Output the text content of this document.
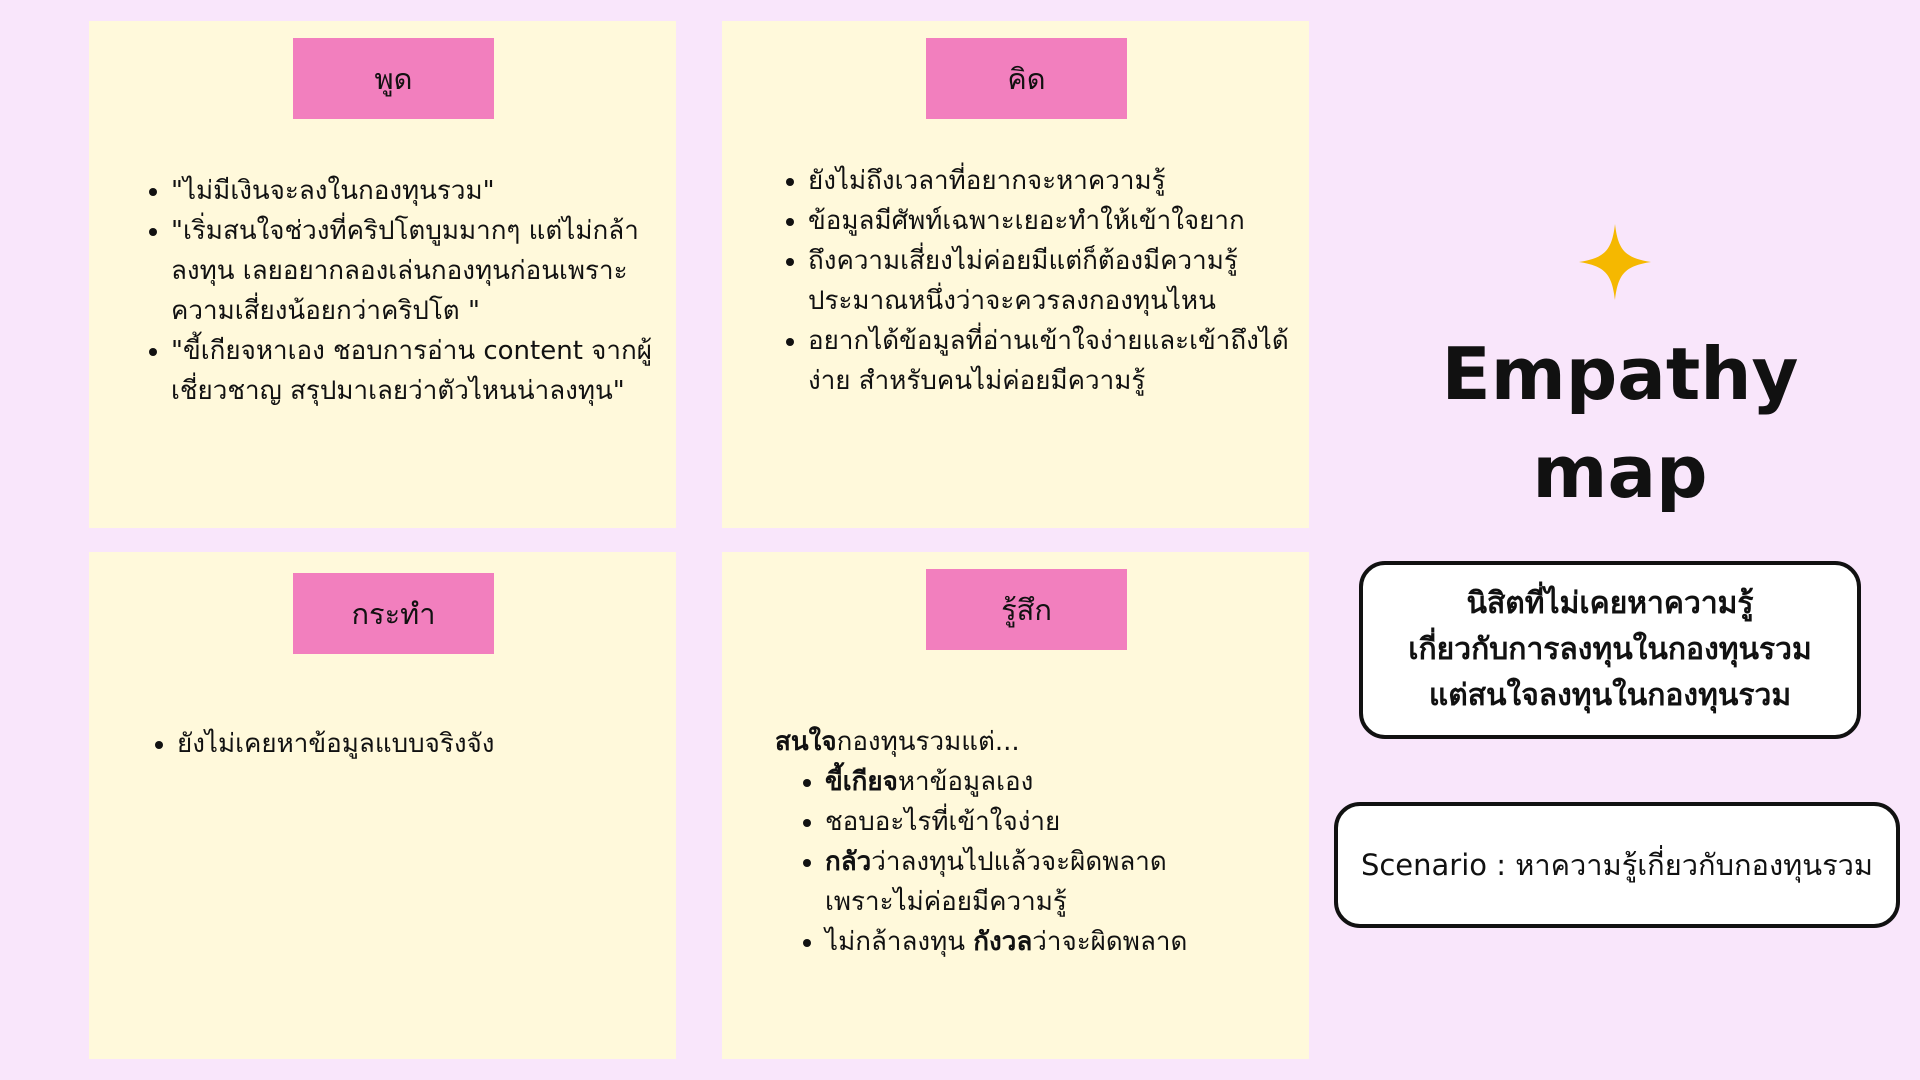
พูด
• "ไม่มีเงินจะลงในกองทุนรวม"
• "เริ่มสนใจช่วงที่คริปโตบูมมากๆ แต่ไม่กล้าลงทุน เลยอยากลองเล่นกองทุนก่อนเพราะความเสี่ยงน้อยกว่าคริปโต "
• "ขี้เกียจหาเอง ชอบการอ่าน content จากผู้เชี่ยวชาญ สรุปมาเลยว่าตัวไหนน่าลงทุน"
คิด
• ยังไม่ถึงเวลาที่อยากจะหาความรู้
• ข้อมูลมีศัพท์เฉพาะเยอะทำให้เข้าใจยาก
• ถึงความเสี่ยงไม่ค่อยมีแต่ก็ต้องมีความรู้ประมาณหนึ่งว่าจะควรลงกองทุนไหน
• อยากได้ข้อมูลที่อ่านเข้าใจง่ายและเข้าถึงได้ง่าย สำหรับคนไม่ค่อยมีความรู้
กระทำ
• ยังไม่เคยหาข้อมูลแบบจริงจัง
รู้สึก
สนใจกองทุนรวมแต่...
• ขี้เกียจหาข้อมูลเอง
• ชอบอะไรที่เข้าใจง่าย
• กลัวว่าลงทุนไปแล้วจะผิดพลาดเพราะไม่ค่อยมีความรู้
• ไม่กล้าลงทุน กังวลว่าจะผิดพลาด
Empathy
map
นิสิตที่ไม่เคยหาความรู้
เกี่ยวกับการลงทุนในกองทุนรวม
แต่สนใจลงทุนในกองทุนรวม
Scenario : หาความรู้เกี่ยวกับกองทุนรวม
